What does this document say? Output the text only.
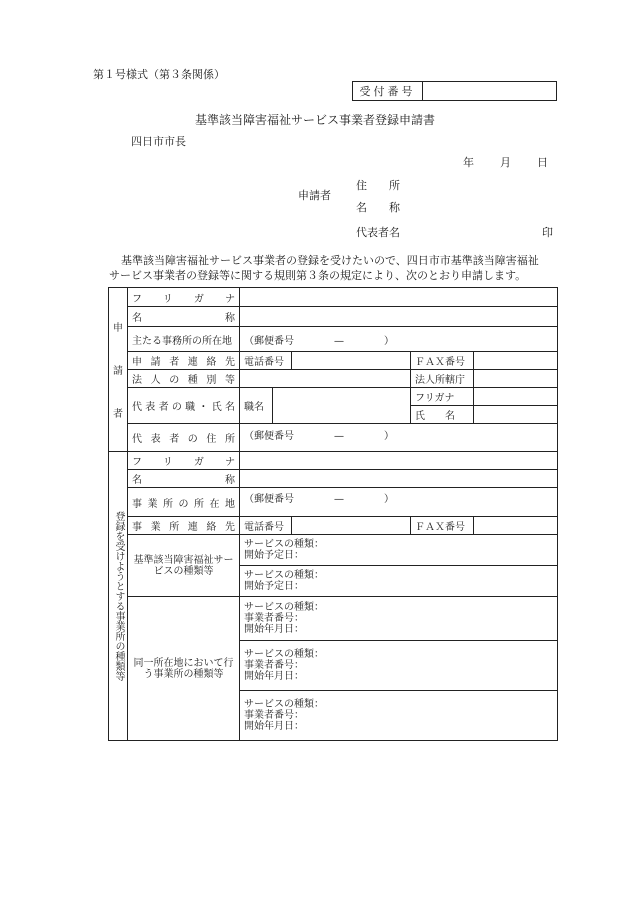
第１号様式（第３条関係）
受付番号
基準該当障害福祉サービス事業者登録申請書
四日市市長
年 月 日
申請者
住　　所
名　　称
代表者名	印
基準該当障害福祉サービス事業者の登録を受けたいので、四日市市基準該当障害福祉
サービス事業者の登録等に関する規則第３条の規定により、次のとおり申請します。
申
請
者	フリガナ					
	名称					
	主たる事務所の所在地	（郵便番号　　　　—　　　　）				
	申請者連絡先	電話番号			ＦＡＸ番号	
	法人の種別等				法人所轄庁	
	代表者の職・氏名	職名			フリガナ	
					氏　　名	
	代表者の住所	（郵便番号　　　　—　　　　）				

登録を受けようとする事業所の種類等	フリガナ					
	名称					
	事業所の所在地	（郵便番号　　　　—　　　　）				
	事業所連絡先	電話番号			ＦＡＸ番号	
	基準該当障害福祉サービスの種類等	サービスの種類：
開始予定日：				

		サービスの種類：
開始予定日：				

	同一所在地において行う事業所の種類等	サービスの種類：
事業者番号：
開始年月日：				

		サービスの種類：
事業者番号：
開始年月日：				

		サービスの種類：
事業者番号：
開始年月日：				
